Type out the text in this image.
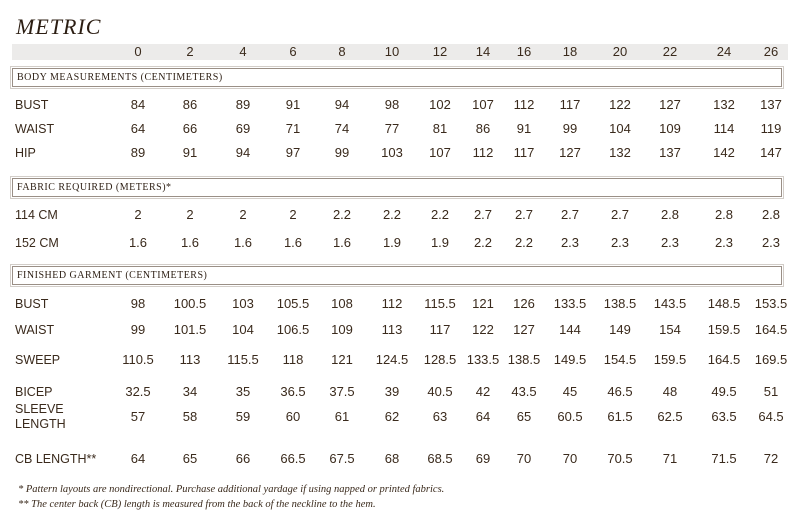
METRIC
0	2	4	6	8	10	12	14	16	18	20	22	24	26
BODY MEASUREMENTS (CENTIMETERS)
BUST	84	86	89	91	94	98	102	107	112	117	122	127	132	137
WAIST	64	66	69	71	74	77	81	86	91	99	104	109	114	119
HIP	89	91	94	97	99	103	107	112	117	127	132	137	142	147
FABRIC REQUIRED (METERS)*
114 CM	2	2	2	2	2.2	2.2	2.2	2.7	2.7	2.7	2.7	2.8	2.8	2.8
152 CM	1.6	1.6	1.6	1.6	1.6	1.9	1.9	2.2	2.2	2.3	2.3	2.3	2.3	2.3
FINISHED GARMENT (CENTIMETERS)
BUST	98	100.5	103	105.5	108	112	115.5	121	126	133.5	138.5	143.5	148.5	153.5
WAIST	99	101.5	104	106.5	109	113	117	122	127	144	149	154	159.5	164.5
SWEEP	110.5	113	115.5	118	121	124.5	128.5 133.5 138.5	149.5	154.5	159.5	164.5	169.5
BICEP	32.5	34	35	36.5	37.5	39	40.5	42	43.5	45	46.5	48	49.5	51
SLEEVE
LENGTH	57	58	59	60	61	62	63	64	65	60.5	61.5	62.5	63.5	64.5
CB LENGTH**	64	65	66	66.5	67.5	68	68.5	69	70	70	70.5	71	71.5	72
* Pattern layouts are nondirectional. Purchase additional yardage if using napped or printed fabrics.
** The center back (CB) length is measured from the back of the neckline to the hem.
